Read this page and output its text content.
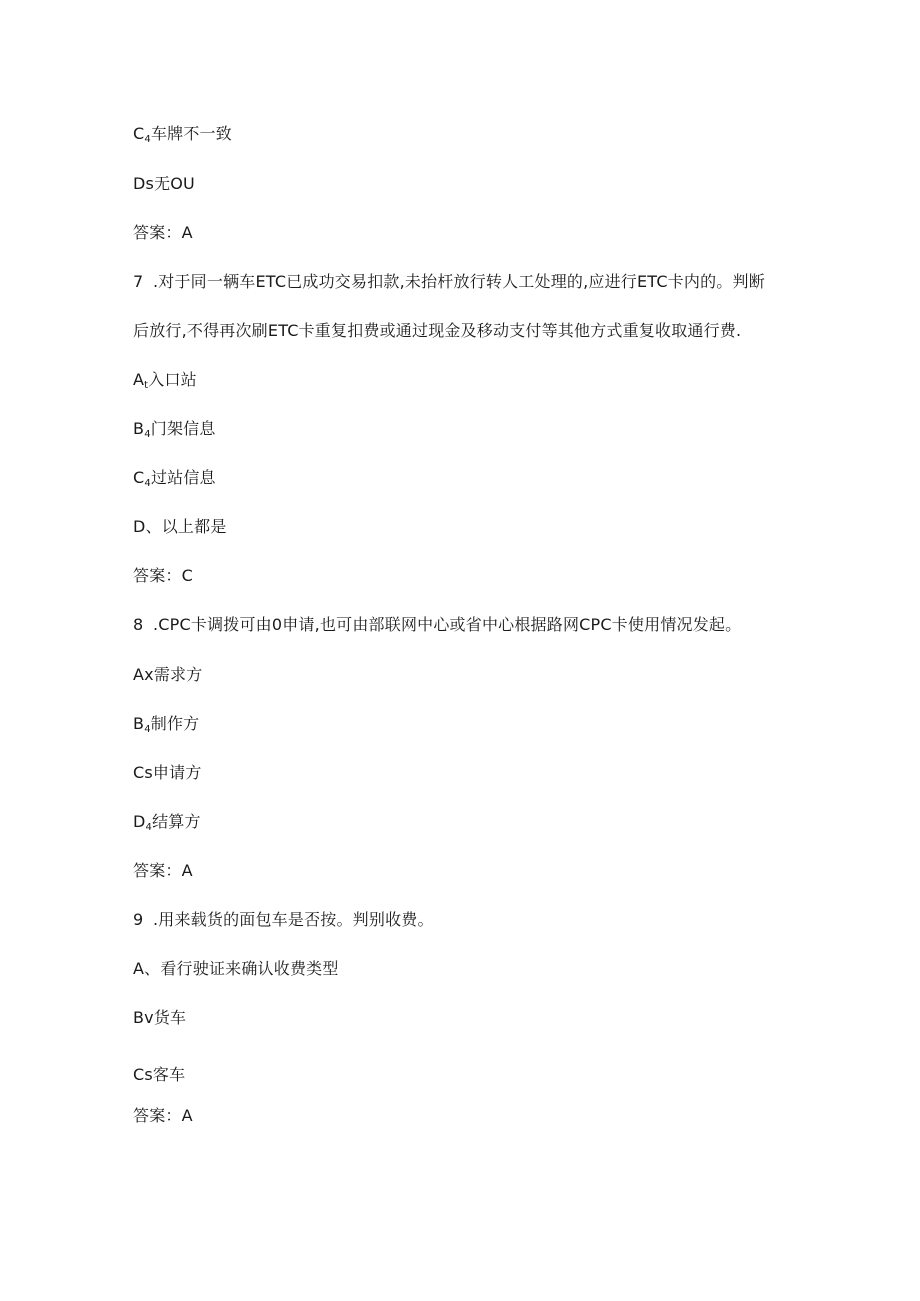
$C_4$车牌不一致
Ds无OU
答案：A
7 .对于同一辆车ETC已成功交易扣款,未抬杆放行转人工处理的,应进行ETC卡内的。判断
后放行,不得再次刷ETC卡重复扣费或通过现金及移动支付等其他方式重复收取通行费.
$A_t$入口站
$B_4$门架信息
$C_4$过站信息
D、以上都是
答案：C
8 .CPC卡调拨可由0申请,也可由部联网中心或省中心根据路网CPC卡使用情况发起。
Ax需求方
$B_4$制作方
Cs申请方
$D_4$结算方
答案：A
9 .用来载货的面包车是否按。判别收费。
A、看行驶证来确认收费类型
Bv货车
Cs客车
答案：A
